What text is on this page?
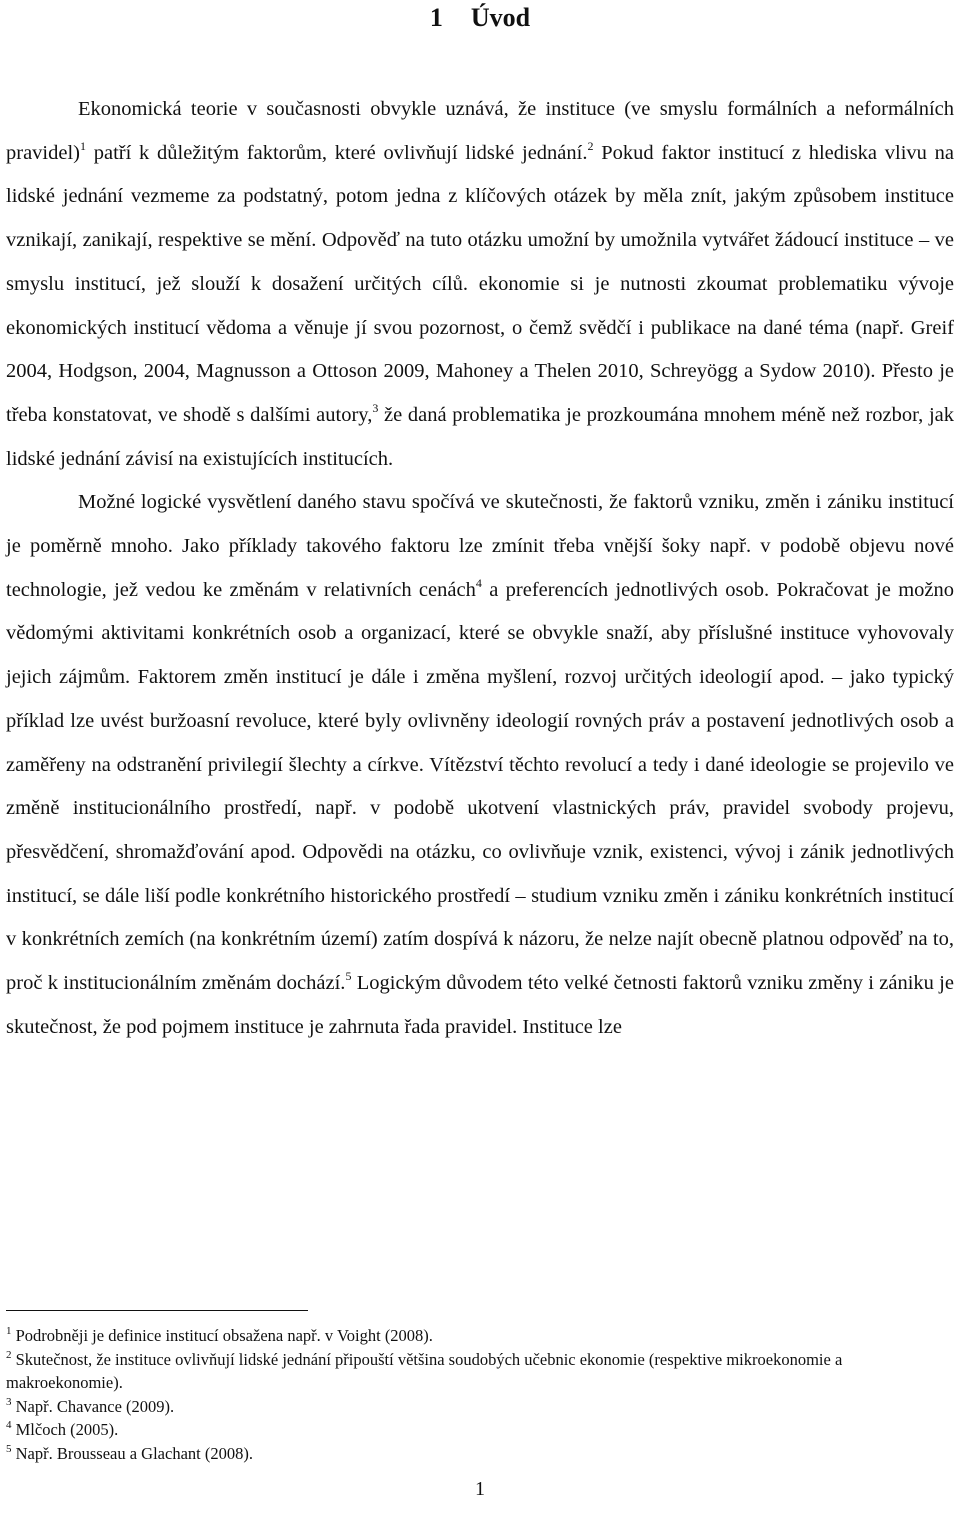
1 Úvod

Ekonomická teorie v současnosti obvykle uznává, že instituce (ve smyslu formálních a neformálních pravidel)$^1$ patří k důležitým faktorům, které ovlivňují lidské jednání.$^2$ Pokud faktor institucí z hlediska vlivu na lidské jednání vezmeme za podstatný, potom jedna z klíčových otázek by měla znít, jakým způsobem instituce vznikají, zanikají, respektive se mění. Odpověď na tuto otázku umožní by umožnila vytvářet žádoucí instituce – ve smyslu institucí, jež slouží k dosažení určitých cílů. ekonomie si je nutnosti zkoumat problematiku vývoje ekonomických institucí vědoma a věnuje jí svou pozornost, o čemž svědčí i publikace na dané téma (např. Greif 2004, Hodgson, 2004, Magnusson a Ottoson 2009, Mahoney a Thelen 2010, Schreyögg a Sydow 2010). Přesto je třeba konstatovat, ve shodě s dalšími autory,$^3$ že daná problematika je prozkoumána mnohem méně než rozbor, jak lidské jednání závisí na existujících institucích.

Možné logické vysvětlení daného stavu spočívá ve skutečnosti, že faktorů vzniku, změn i zániku institucí je poměrně mnoho. Jako příklady takového faktoru lze zmínit třeba vnější šoky např. v podobě objevu nové technologie, jež vedou ke změnám v relativních cenách$^4$ a preferencích jednotlivých osob. Pokračovat je možno vědomými aktivitami konkrétních osob a organizací, které se obvykle snaží, aby příslušné instituce vyhovovaly jejich zájmům. Faktorem změn institucí je dále i změna myšlení, rozvoj určitých ideologií apod. – jako typický příklad lze uvést buržoasní revoluce, které byly ovlivněny ideologií rovných práv a postavení jednotlivých osob a zaměřeny na odstranění privilegií šlechty a církve. Vítězství těchto revolucí a tedy i dané ideologie se projevilo ve změně institucionálního prostředí, např. v podobě ukotvení vlastnických práv, pravidel svobody projevu, přesvědčení, shromažďování apod. Odpovědi na otázku, co ovlivňuje vznik, existenci, vývoj i zánik jednotlivých institucí, se dále liší podle konkrétního historického prostředí – studium vzniku změn i zániku konkrétních institucí v konkrétních zemích (na konkrétním území) zatím dospívá k názoru, že nelze najít obecně platnou odpověď na to, proč k institucionálním změnám dochází.$^5$ Logickým důvodem této velké četnosti faktorů vzniku změny i zániku je skutečnost, že pod pojmem instituce je zahrnuta řada pravidel. Instituce lze

$^1$ Podrobněji je definice institucí obsažena např. v Voight (2008).
$^2$ Skutečnost, že instituce ovlivňují lidské jednání připouští většina soudobých učebnic ekonomie (respektive mikroekonomie a makroekonomie).
$^3$ Např. Chavance (2009).
$^4$ Mlčoch (2005).
$^5$ Např. Brousseau a Glachant (2008).
1
